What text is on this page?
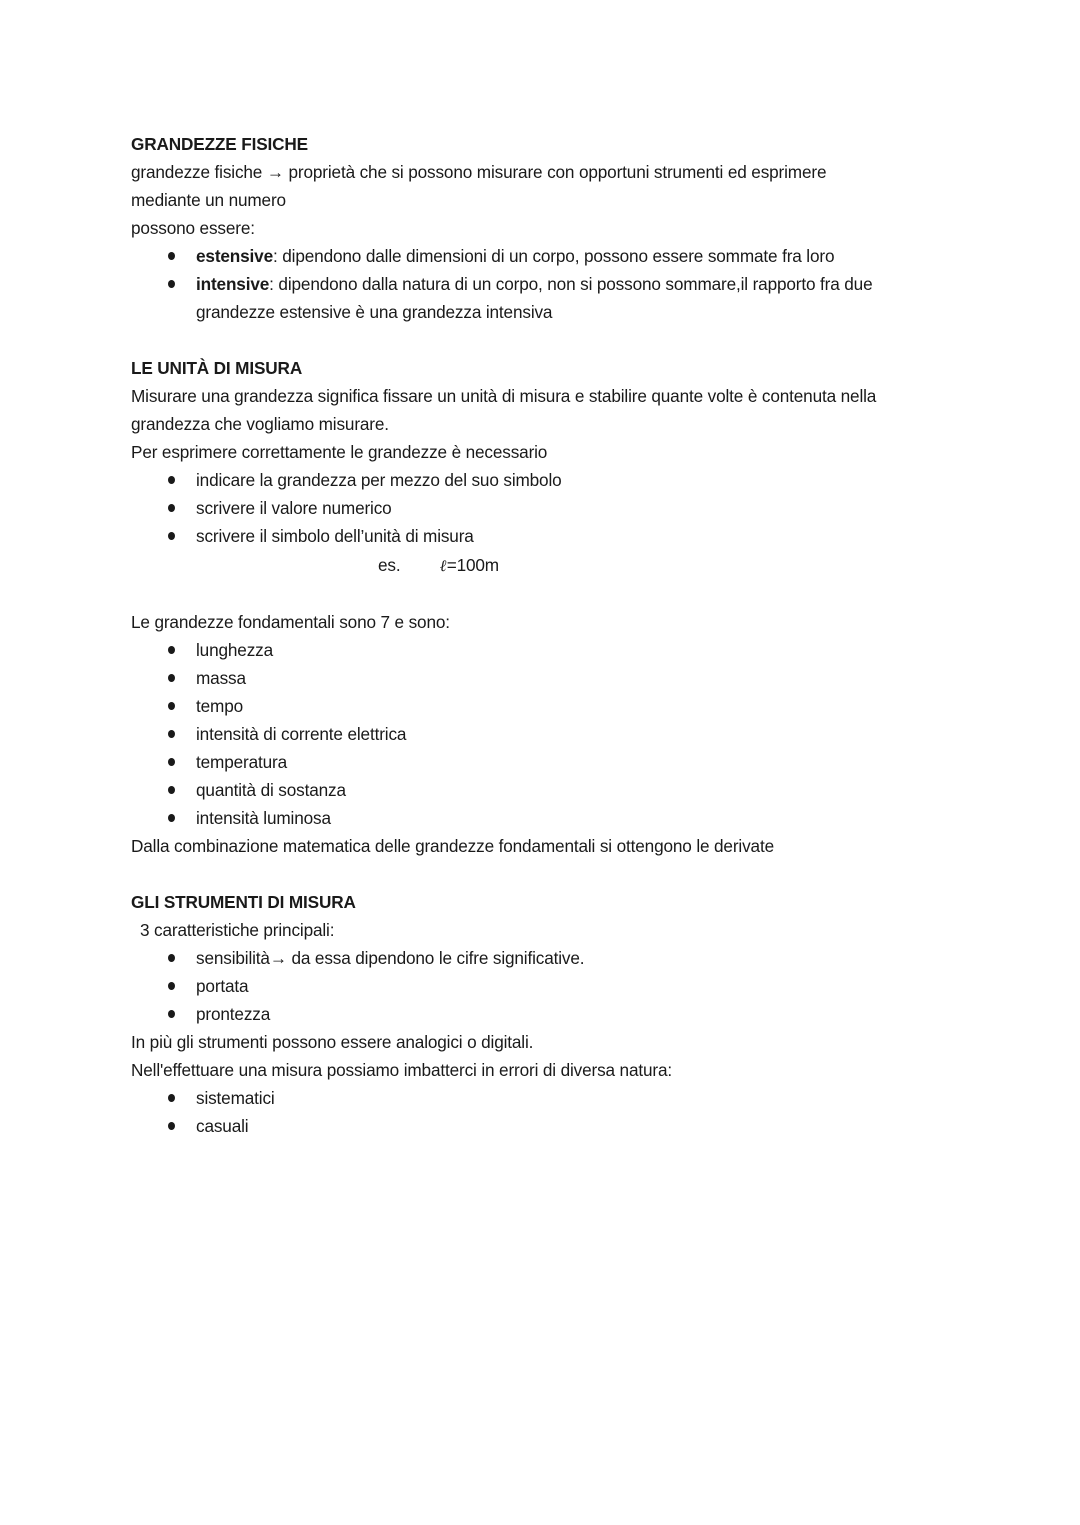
GRANDEZZE FISICHE

grandezze fisiche → proprietà che si possono misurare con opportuni strumenti ed esprimere

mediante un numero

possono essere:

estensive: dipendono dalle dimensioni di un corpo, possono essere sommate fra loro
intensive: dipendono dalla natura di un corpo, non si possono sommare,il rapporto fra due grandezze estensive è una grandezza intensiva

LE UNITÀ DI MISURA

Misurare una grandezza significa fissare un unità di misura e stabilire quante volte è contenuta nella grandezza che vogliamo misurare.

Per esprimere correttamente le grandezze è necessario

indicare la grandezza per mezzo del suo simbolo
scrivere il valore numerico
scrivere il simbolo dell’unità di misura
es. ℓ=100m

Le grandezze fondamentali sono 7 e sono:

lunghezza
massa
tempo
intensità di corrente elettrica
temperatura
quantità di sostanza
intensità luminosa

Dalla combinazione matematica delle grandezze fondamentali si ottengono le derivate

GLI STRUMENTI DI MISURA

3 caratteristiche principali:

sensibilità→ da essa dipendono le cifre significative.
portata
prontezza

In più gli strumenti possono essere analogici o digitali.

Nell'effettuare una misura possiamo imbatterci in errori di diversa natura:

sistematici
casuali
